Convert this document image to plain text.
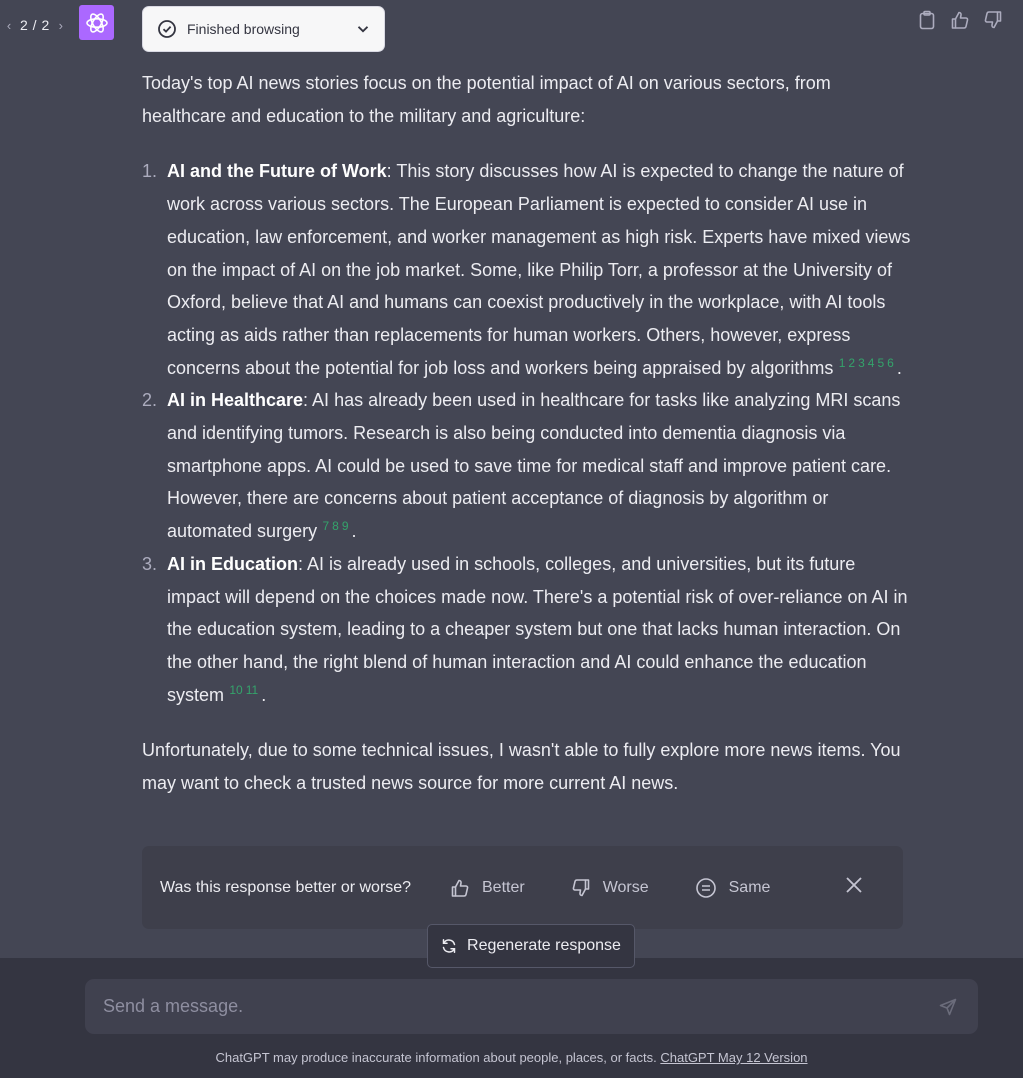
‹ 2 / 2 ›	Finished browsing

Today's top AI news stories focus on the potential impact of AI on various sectors, from healthcare and education to the military and agriculture:

1. AI and the Future of Work: This story discusses how AI is expected to change the nature of work across various sectors. The European Parliament is expected to consider AI use in education, law enforcement, and worker management as high risk. Experts have mixed views on the impact of AI on the job market. Some, like Philip Torr, a professor at the University of Oxford, believe that AI and humans can coexist productively in the workplace, with AI tools acting as aids rather than replacements for human workers. Others, however, express concerns about the potential for job loss and workers being appraised by algorithms $^{1 2 3 4 5 6}$ .
2. AI in Healthcare: AI has already been used in healthcare for tasks like analyzing MRI scans and identifying tumors. Research is also being conducted into dementia diagnosis via smartphone apps. AI could be used to save time for medical staff and improve patient care. However, there are concerns about patient acceptance of diagnosis by algorithm or automated surgery $^{7 8 9}$ .
3. AI in Education: AI is already used in schools, colleges, and universities, but its future impact will depend on the choices made now. There's a potential risk of over-reliance on AI in the education system, leading to a cheaper system but one that lacks human interaction. On the other hand, the right blend of human interaction and AI could enhance the education system $^{10 11}$ .

Unfortunately, due to some technical issues, I wasn't able to fully explore more news items. You may want to check a trusted news source for more current AI news.

Was this response better or worse?	Better	Worse	Same
Regenerate response
Send a message.
ChatGPT may produce inaccurate information about people, places, or facts. ChatGPT May 12 Version
